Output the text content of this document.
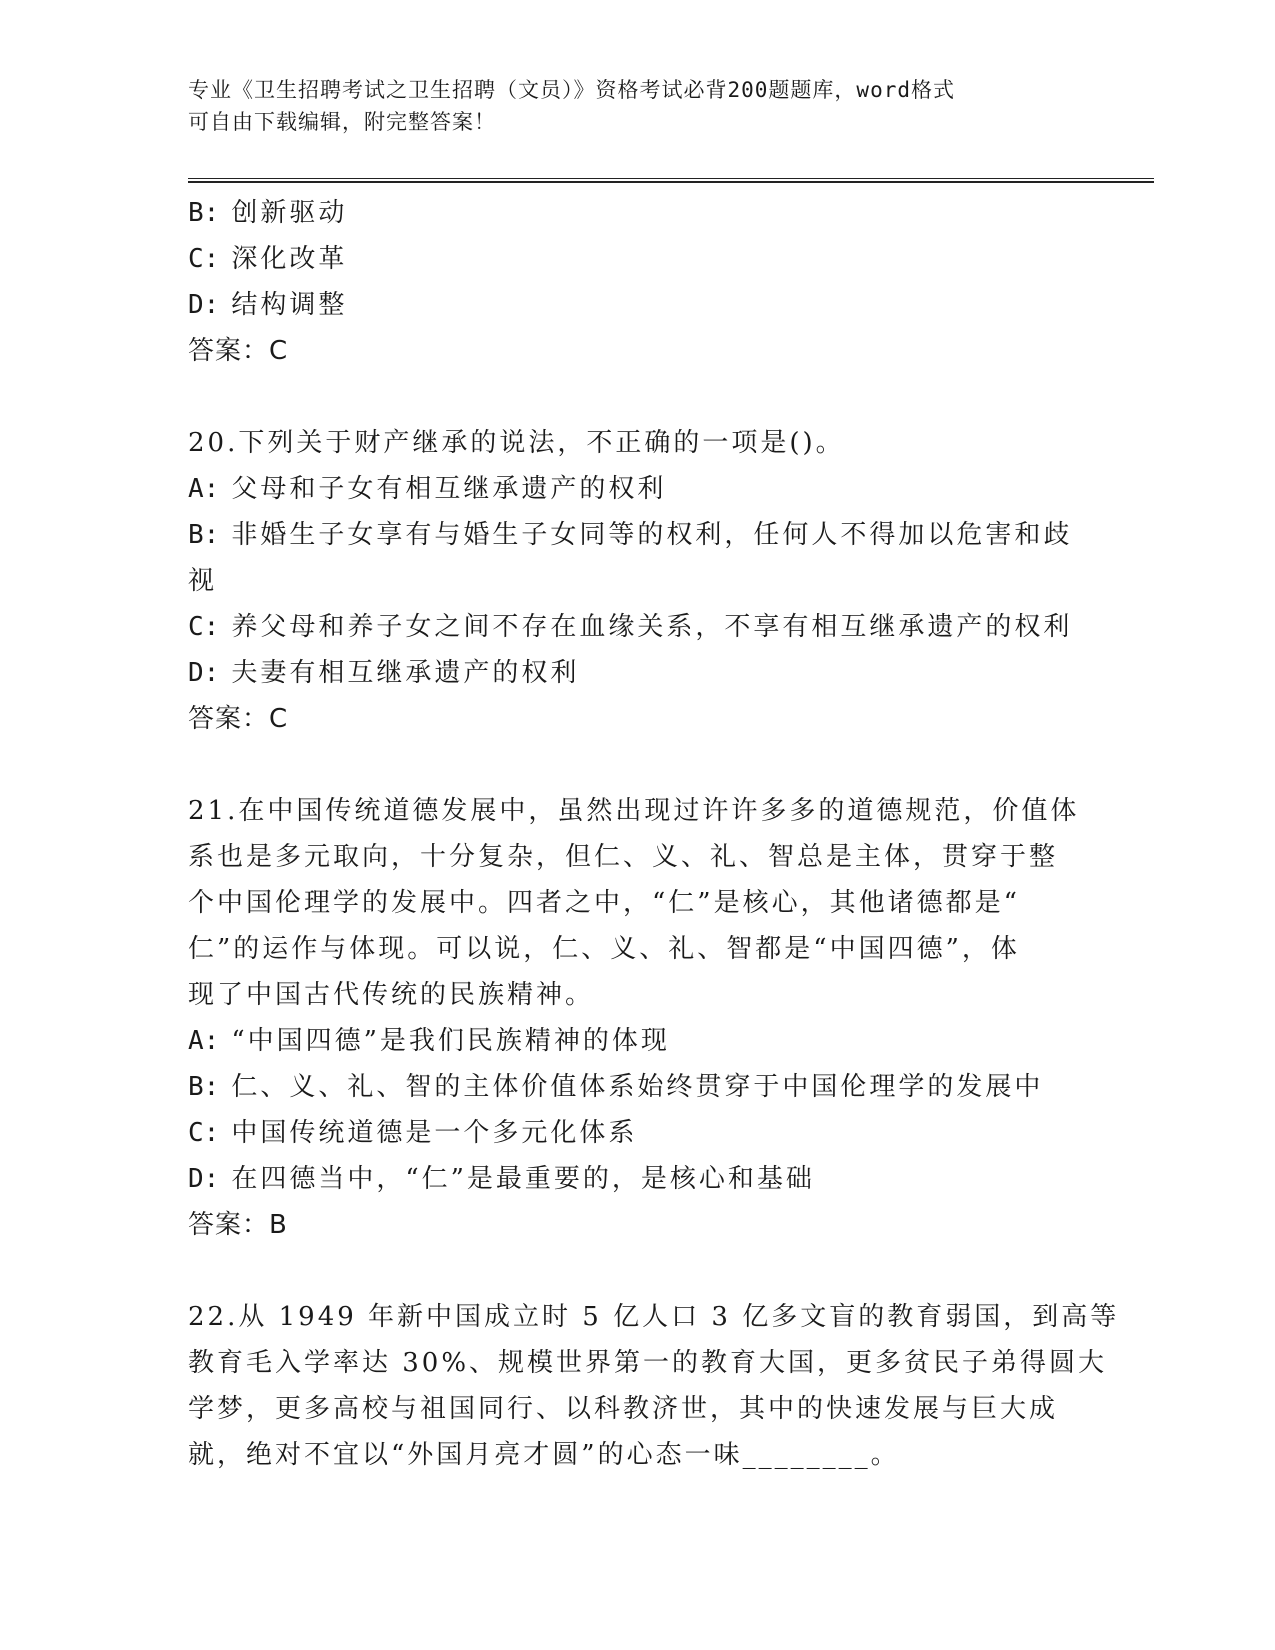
专业《卫生招聘考试之卫生招聘（文员）》资格考试必背200题题库，word格式
可自由下载编辑，附完整答案！
B: 创新驱动
C: 深化改革
D: 结构调整
答案：C
20.下列关于财产继承的说法，不正确的一项是()。
A: 父母和子女有相互继承遗产的权利
B: 非婚生子女享有与婚生子女同等的权利，任何人不得加以危害和歧
视
C: 养父母和养子女之间不存在血缘关系，不享有相互继承遗产的权利
D: 夫妻有相互继承遗产的权利
答案：C
21.在中国传统道德发展中，虽然出现过许许多多的道德规范，价值体
系也是多元取向，十分复杂，但仁、义、礼、智总是主体，贯穿于整
个中国伦理学的发展中。四者之中，“仁”是核心，其他诸德都是“
仁”的运作与体现。可以说，仁、义、礼、智都是“中国四德”，体
现了中国古代传统的民族精神。
A: “中国四德”是我们民族精神的体现
B: 仁、义、礼、智的主体价值体系始终贯穿于中国伦理学的发展中
C: 中国传统道德是一个多元化体系
D: 在四德当中，“仁”是最重要的，是核心和基础
答案：B
22.从 1949 年新中国成立时 5 亿人口 3 亿多文盲的教育弱国，到高等
教育毛入学率达 30%、规模世界第一的教育大国，更多贫民子弟得圆大
学梦，更多高校与祖国同行、以科教济世，其中的快速发展与巨大成
就，绝对不宜以“外国月亮才圆”的心态一味________。
